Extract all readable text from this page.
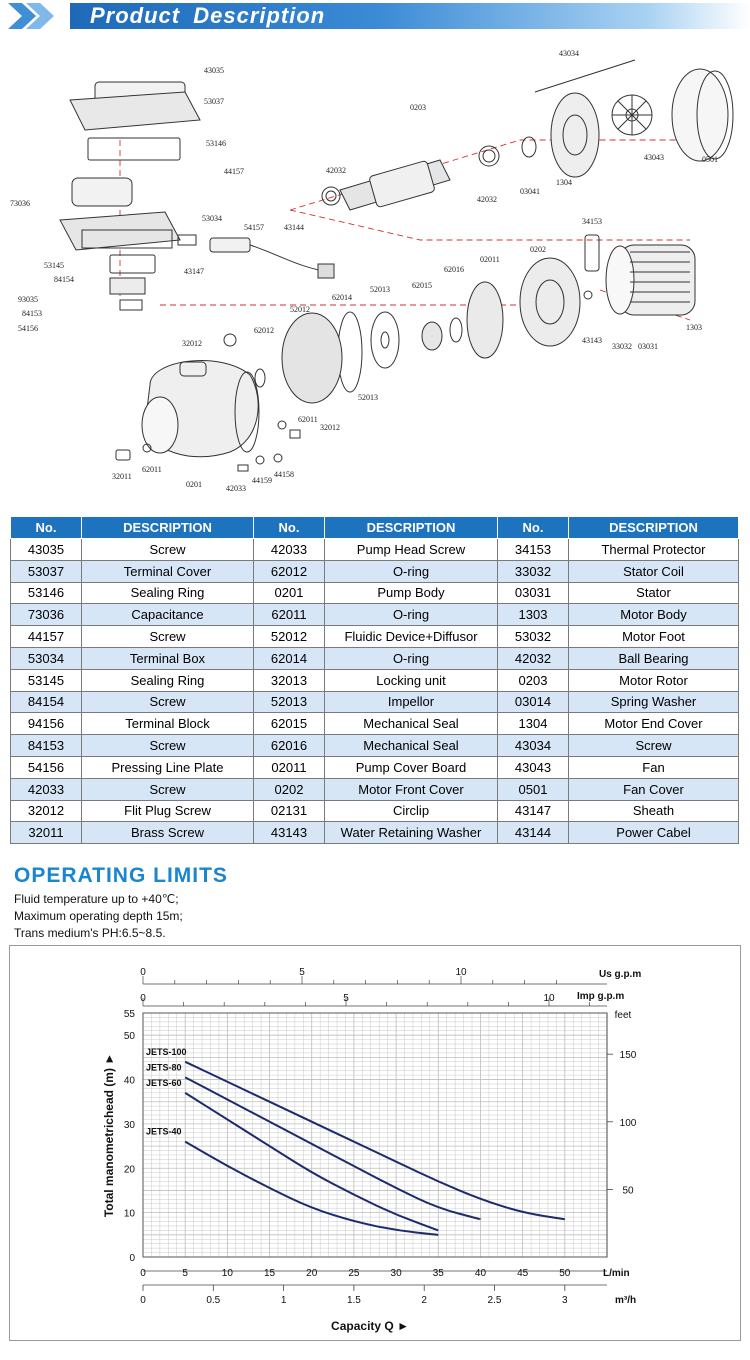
Product Description
43035
53037
53146
44157
73036
53034
53145
84154
93035
84153
54156
43147
54157	43144
0203
42032
42032
03041
1304
43034
43043	0501
34153
0202
02011
62016
62015
52013
62014
52012
62012
32012	43143
33032 03031
1303
52013
62011
32012
32011
62011
0201	42033
44159
44158
No.	DESCRIPTION	No.	DESCRIPTION	No.	DESCRIPTION
43035	Screw	42033	Pump Head Screw	34153	Thermal Protector
53037	Terminal Cover	62012	O-ring	33032	Stator Coil
53146	Sealing Ring	0201	Pump Body	03031	Stator
73036	Capacitance	62011	O-ring	1303	Motor Body
44157	Screw	52012	Fluidic Device+Diffusor	53032	Motor Foot
53034	Terminal Box	62014	O-ring	42032	Ball Bearing
53145	Sealing Ring	32013	Locking unit	0203	Motor Rotor
84154	Screw	52013	Impellor	03014	Spring Washer
94156	Terminal Block	62015	Mechanical Seal	1304	Motor End Cover
84153	Screw	62016	Mechanical Seal	43034	Screw
54156	Pressing Line Plate	02011	Pump Cover Board	43043	Fan
42033	Screw	0202	Motor Front Cover	0501	Fan Cover
32012	Flit Plug Screw	02131	Circlip	43147	Sheath
32011	Brass Screw	43143	Water Retaining Washer	43144	Power Cabel
OPERATING LIMITS
Fluid temperature up to +40℃;
Maximum operating depth 15m;
Trans medium's PH:6.5~8.5.
0	5	10
0	5	10
Us g.p.m
Imp g.p.m
feet
50
100
150
10
20
30
40
50
55
0
Total manometrichead (m) ►
0	5	10	15	20	25	30	35	40	45	50	L/min
0	0.5	1	1.5	2	2.5	3	m³/h
Capacity Q ►
JETS-100
JETS-80
JETS-60
JETS-40
